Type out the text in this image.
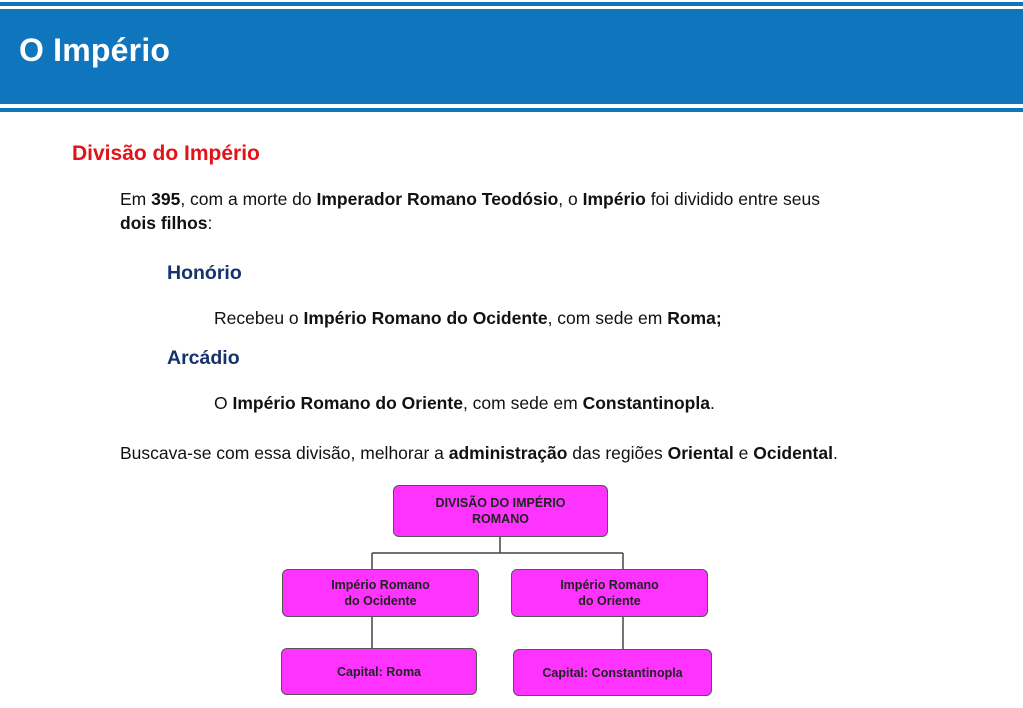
O Império
Divisão do Império
Em 395, com a morte do Imperador Romano Teodósio, o Império foi dividido entre seus
dois filhos:
Honório
Recebeu o Império Romano do Ocidente, com sede em Roma;
Arcádio
O Império Romano do Oriente, com sede em Constantinopla.
Buscava-se com essa divisão, melhorar a administração das regiões Oriental e Ocidental.
DIVISÃO DO IMPÉRIO
ROMANO
Império Romano
do Ocidente
Império Romano
do Oriente
Capital: Roma	Capital: Constantinopla
